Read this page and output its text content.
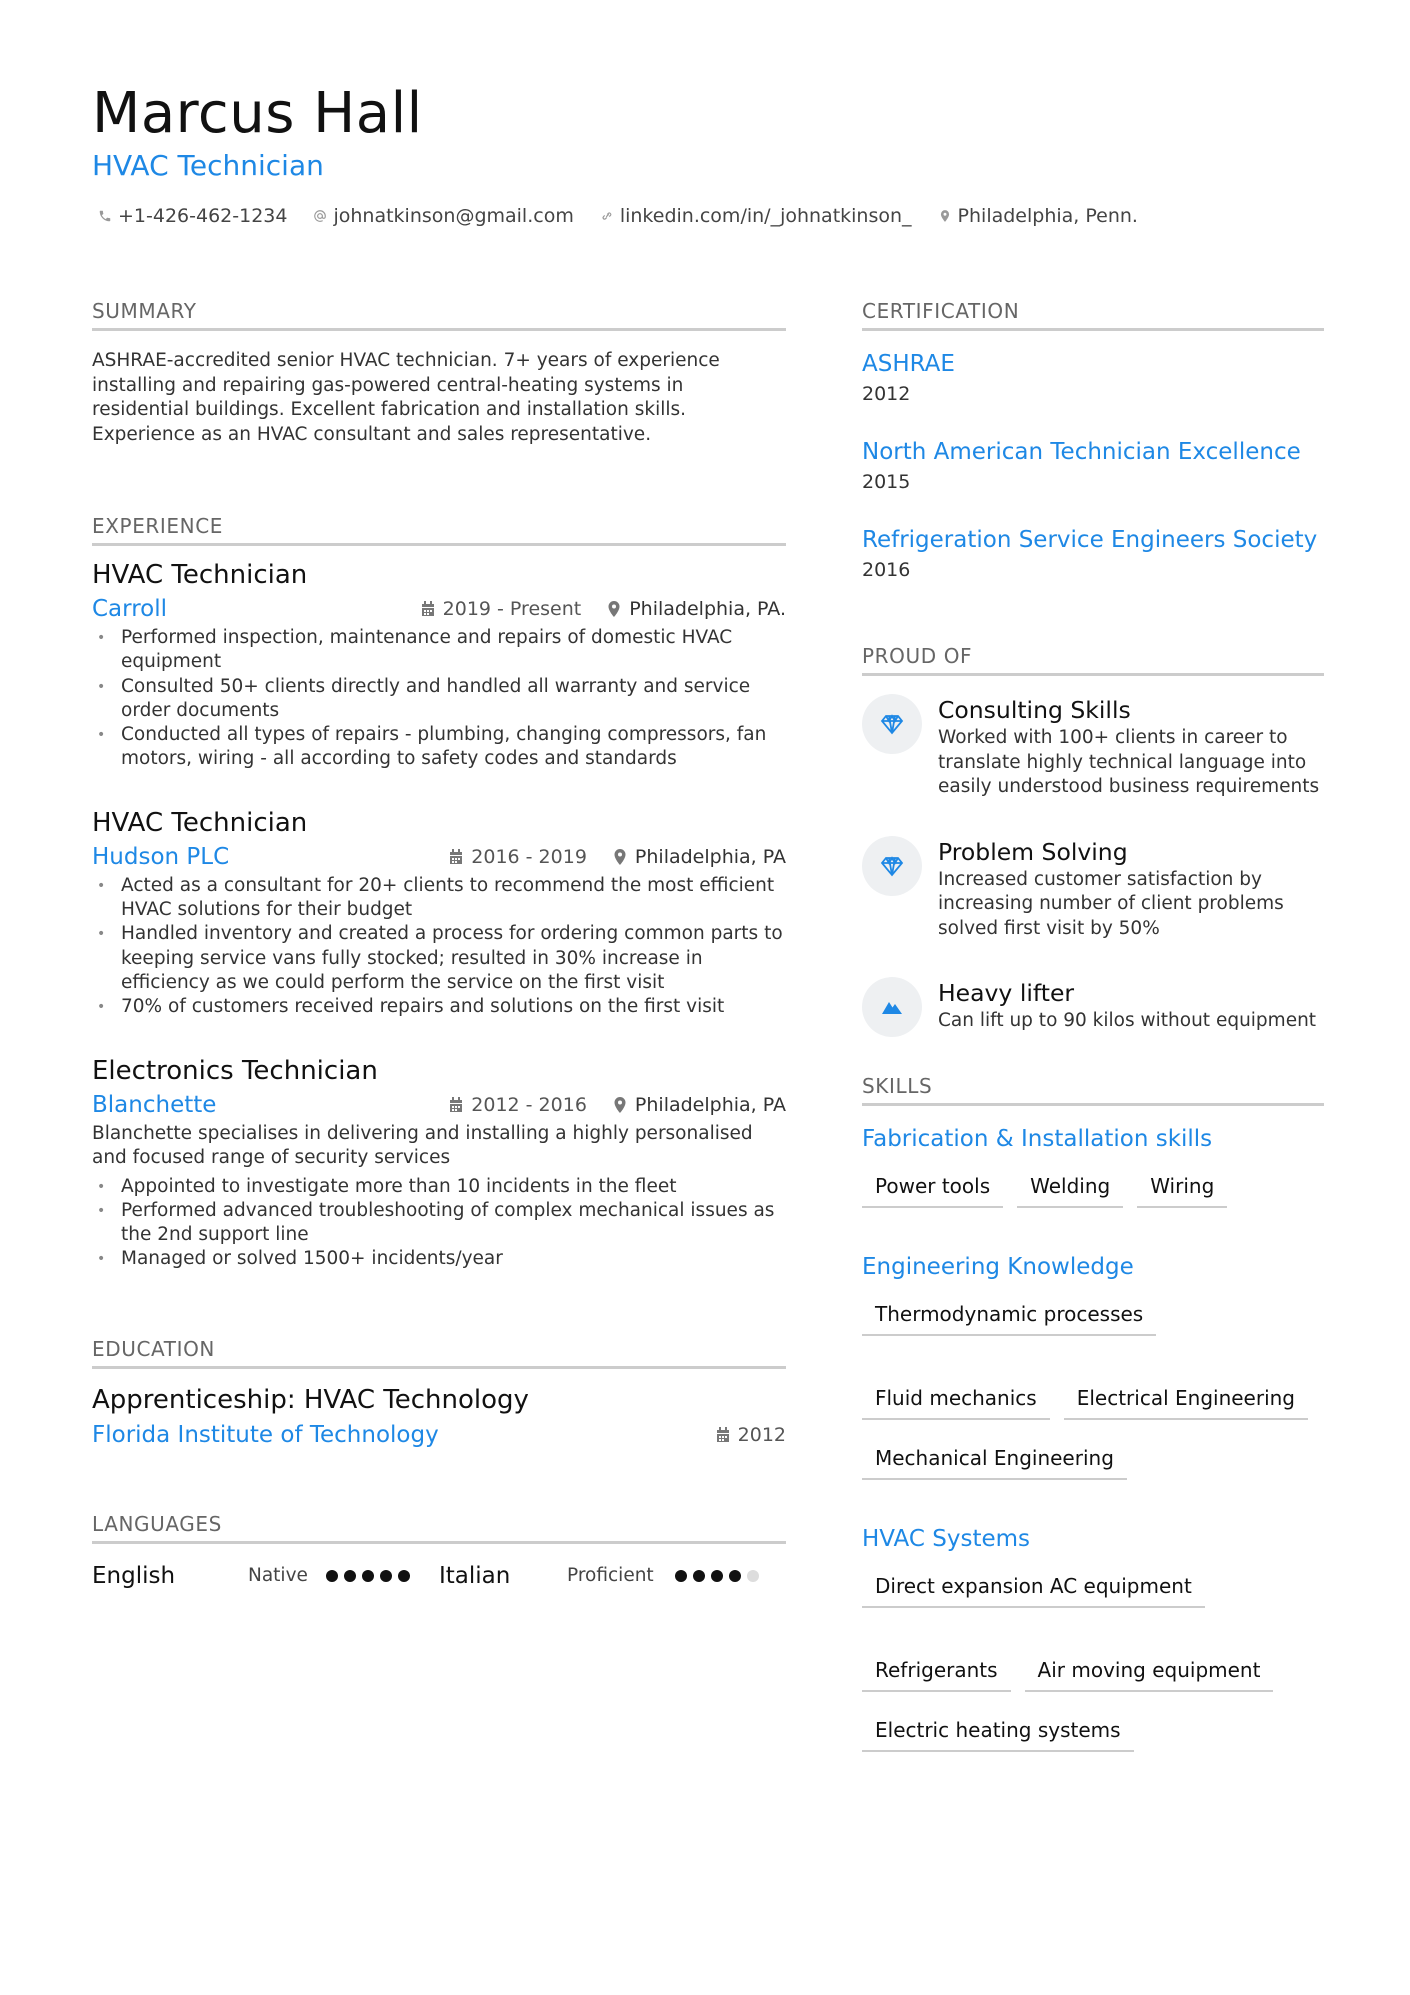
Marcus Hall
HVAC Technician
+1-426-462-1234 johnatkinson@gmail.com linkedin.com/in/_johnatkinson_ Philadelphia, Penn.
SUMMARY

ASHRAE-accredited senior HVAC technician. 7+ years of experience installing and repairing gas-powered central-heating systems in residential buildings. Excellent fabrication and installation skills. Experience as an HVAC consultant and sales representative.

EXPERIENCE
HVAC Technician
Carroll	2019 - Present	Philadelphia, PA.
• Performed inspection, maintenance and repairs of domestic HVAC equipment
• Consulted 50+ clients directly and handled all warranty and service order documents
• Conducted all types of repairs - plumbing, changing compressors, fan motors, wiring - all according to safety codes and standards
HVAC Technician
Hudson PLC	2016 - 2019	Philadelphia, PA
• Acted as a consultant for 20+ clients to recommend the most efficient HVAC solutions for their budget
• Handled inventory and created a process for ordering common parts to keeping service vans fully stocked; resulted in 30% increase in efficiency as we could perform the service on the first visit
• 70% of customers received repairs and solutions on the first visit
Electronics Technician
Blanchette	2012 - 2016	Philadelphia, PA

Blanchette specialises in delivering and installing a highly personalised and focused range of security services

• Appointed to investigate more than 10 incidents in the fleet
• Performed advanced troubleshooting of complex mechanical issues as the 2nd support line
• Managed or solved 1500+ incidents/year
EDUCATION
Apprenticeship: HVAC Technology
Florida Institute of Technology	2012
LANGUAGES
English	Native	Italian	Proficient
CERTIFICATION
ASHRAE
2012
North American Technician Excellence
2015
Refrigeration Service Engineers Society
2016
PROUD OF
Consulting Skills
Worked with 100+ clients in career to translate highly technical language into easily understood business requirements
Problem Solving
Increased customer satisfaction by increasing number of client problems solved first visit by 50%
Heavy lifter
Can lift up to 90 kilos without equipment
SKILLS
Fabrication & Installation skills
Power tools	Welding	Wiring
Engineering Knowledge
Thermodynamic processes
Fluid mechanics	Electrical Engineering
Mechanical Engineering
HVAC Systems
Direct expansion AC equipment
Refrigerants	Air moving equipment
Electric heating systems
